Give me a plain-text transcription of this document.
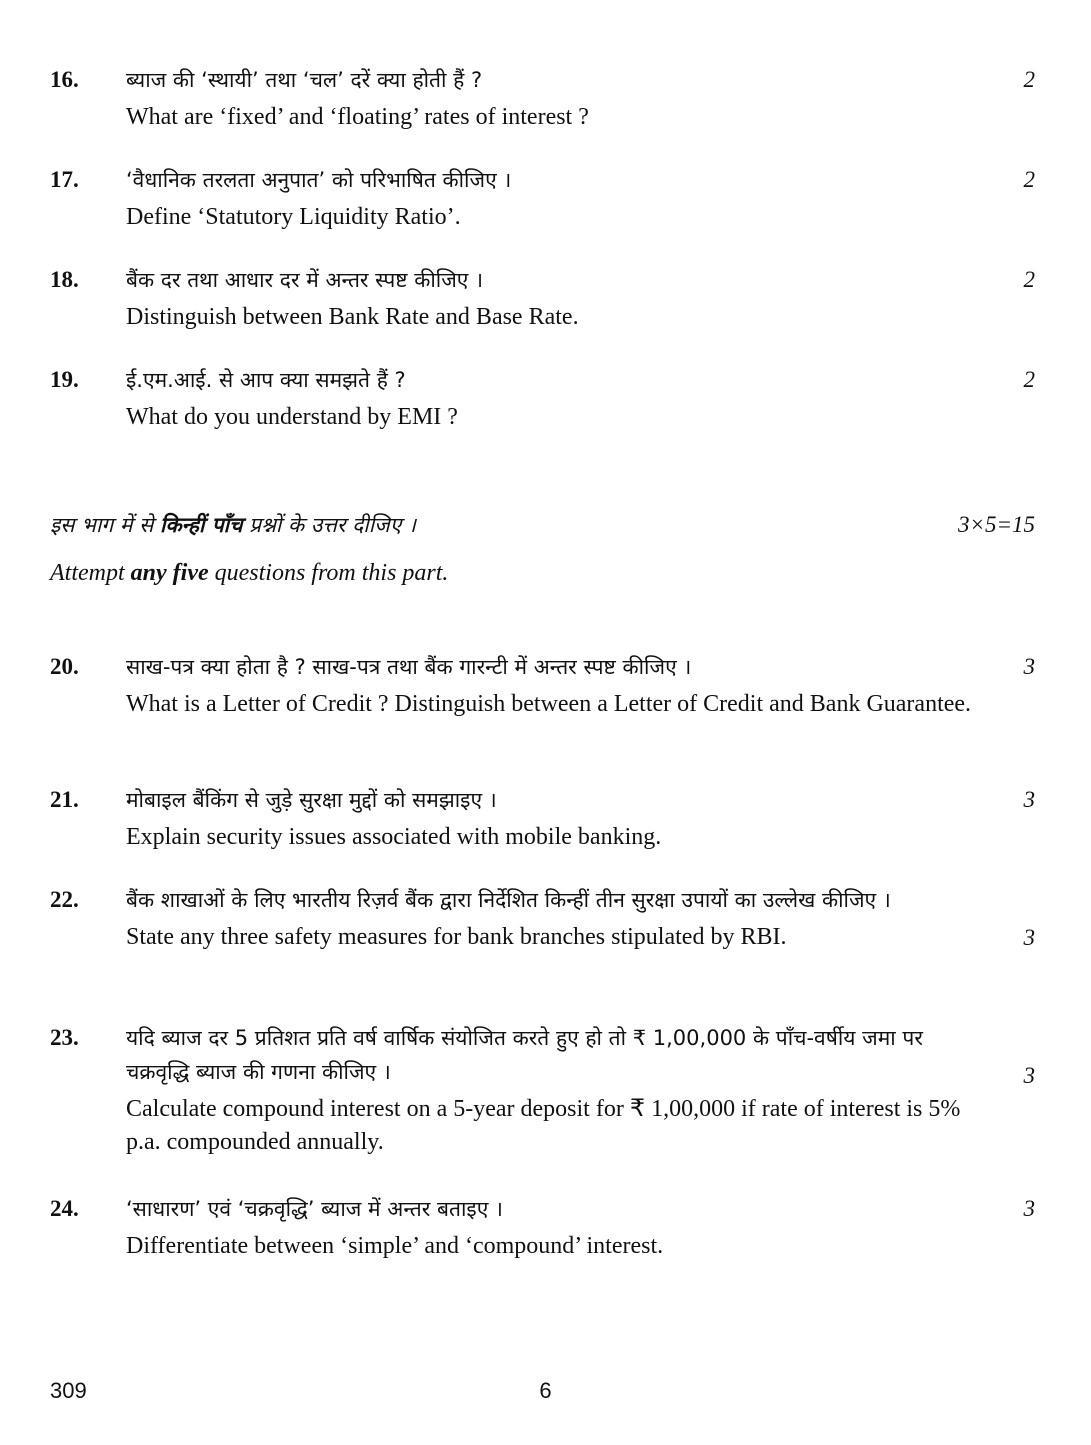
16. ब्याज की ‘स्थायी’ तथा ‘चल’ दरें क्या होती हैं ?

What are ‘fixed’ and ‘floating’ rates of interest ?

2
17. ‘वैधानिक तरलता अनुपात’ को परिभाषित कीजिए ।

Define ‘Statutory Liquidity Ratio’.

2
18. बैंक दर तथा आधार दर में अन्तर स्पष्ट कीजिए ।

Distinguish between Bank Rate and Base Rate.

2
19. ई.एम.आई. से आप क्या समझते हैं ?

What do you understand by EMI ?

2

इस भाग में से किन्हीं पाँच प्रश्नों के उत्तर दीजिए ।

Attempt any five questions from this part.

3×5=15
20. साख-पत्र क्या होता है ? साख-पत्र तथा बैंक गारन्टी में अन्तर स्पष्ट कीजिए ।

What is a Letter of Credit ? Distinguish between a Letter of Credit and Bank Guarantee.

3
21. मोबाइल बैंकिंग से जुड़े सुरक्षा मुद्दों को समझाइए ।

Explain security issues associated with mobile banking.

3
22. बैंक शाखाओं के लिए भारतीय रिज़र्व बैंक द्वारा निर्देशित किन्हीं तीन सुरक्षा उपायों का उल्लेख कीजिए ।

State any three safety measures for bank branches stipulated by RBI.	3
23. यदि ब्याज दर 5 प्रतिशत प्रति वर्ष वार्षिक संयोजित करते हुए हो तो ₹ 1,00,000 के पाँच-वर्षीय जमा पर चक्रवृद्धि ब्याज की गणना कीजिए ।

Calculate compound interest on a 5-year deposit for ₹ 1,00,000 if rate of interest is 5% p.a. compounded annually.

3
24. ‘साधारण’ एवं ‘चक्रवृद्धि’ ब्याज में अन्तर बताइए ।

Differentiate between ‘simple’ and ‘compound’ interest.

3
309	6
